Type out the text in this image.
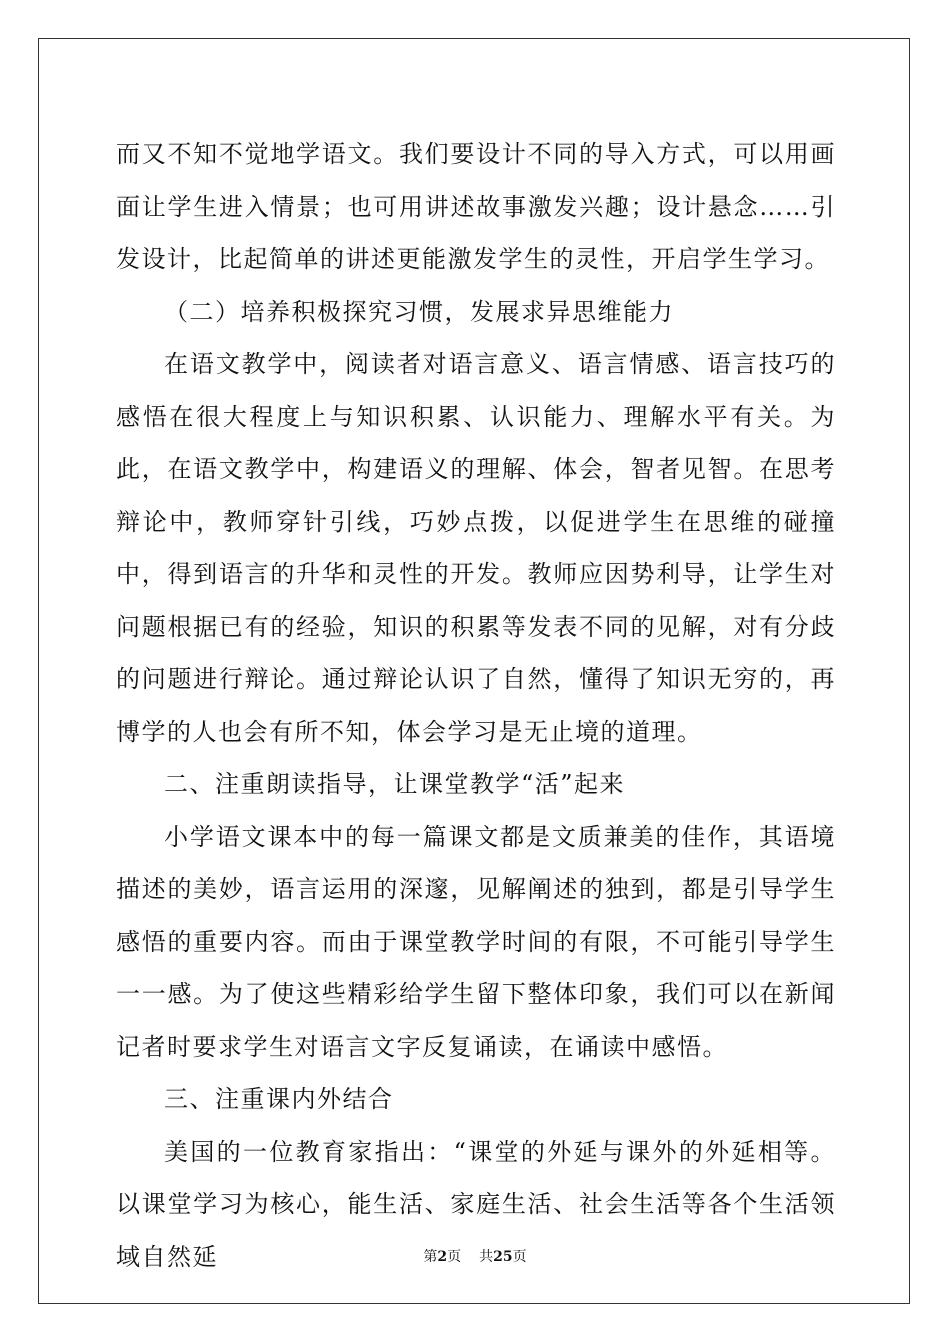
而又不知不觉地学语文。我们要设计不同的导入方式，可以用画面让学生进入情景；也可用讲述故事激发兴趣；设计悬念……引发设计，比起简单的讲述更能激发学生的灵性，开启学生学习。

（二）培养积极探究习惯，发展求异思维能力

在语文教学中，阅读者对语言意义、语言情感、语言技巧的感悟在很大程度上与知识积累、认识能力、理解水平有关。为此，在语文教学中，构建语义的理解、体会，智者见智。在思考辩论中，教师穿针引线，巧妙点拨，以促进学生在思维的碰撞中，得到语言的升华和灵性的开发。教师应因势利导，让学生对问题根据已有的经验，知识的积累等发表不同的见解，对有分歧的问题进行辩论。通过辩论认识了自然，懂得了知识无穷的，再博学的人也会有所不知，体会学习是无止境的道理。

二、注重朗读指导，让课堂教学“活”起来

小学语文课本中的每一篇课文都是文质兼美的佳作，其语境描述的美妙，语言运用的深邃，见解阐述的独到，都是引导学生感悟的重要内容。而由于课堂教学时间的有限，不可能引导学生一一感。为了使这些精彩给学生留下整体印象，我们可以在新闻记者时要求学生对语言文字反复诵读，在诵读中感悟。

三、注重课内外结合

美国的一位教育家指出：“课堂的外延与课外的外延相等。以课堂学习为核心，能生活、家庭生活、社会生活等各个生活领域自然延	第2页 共25页
